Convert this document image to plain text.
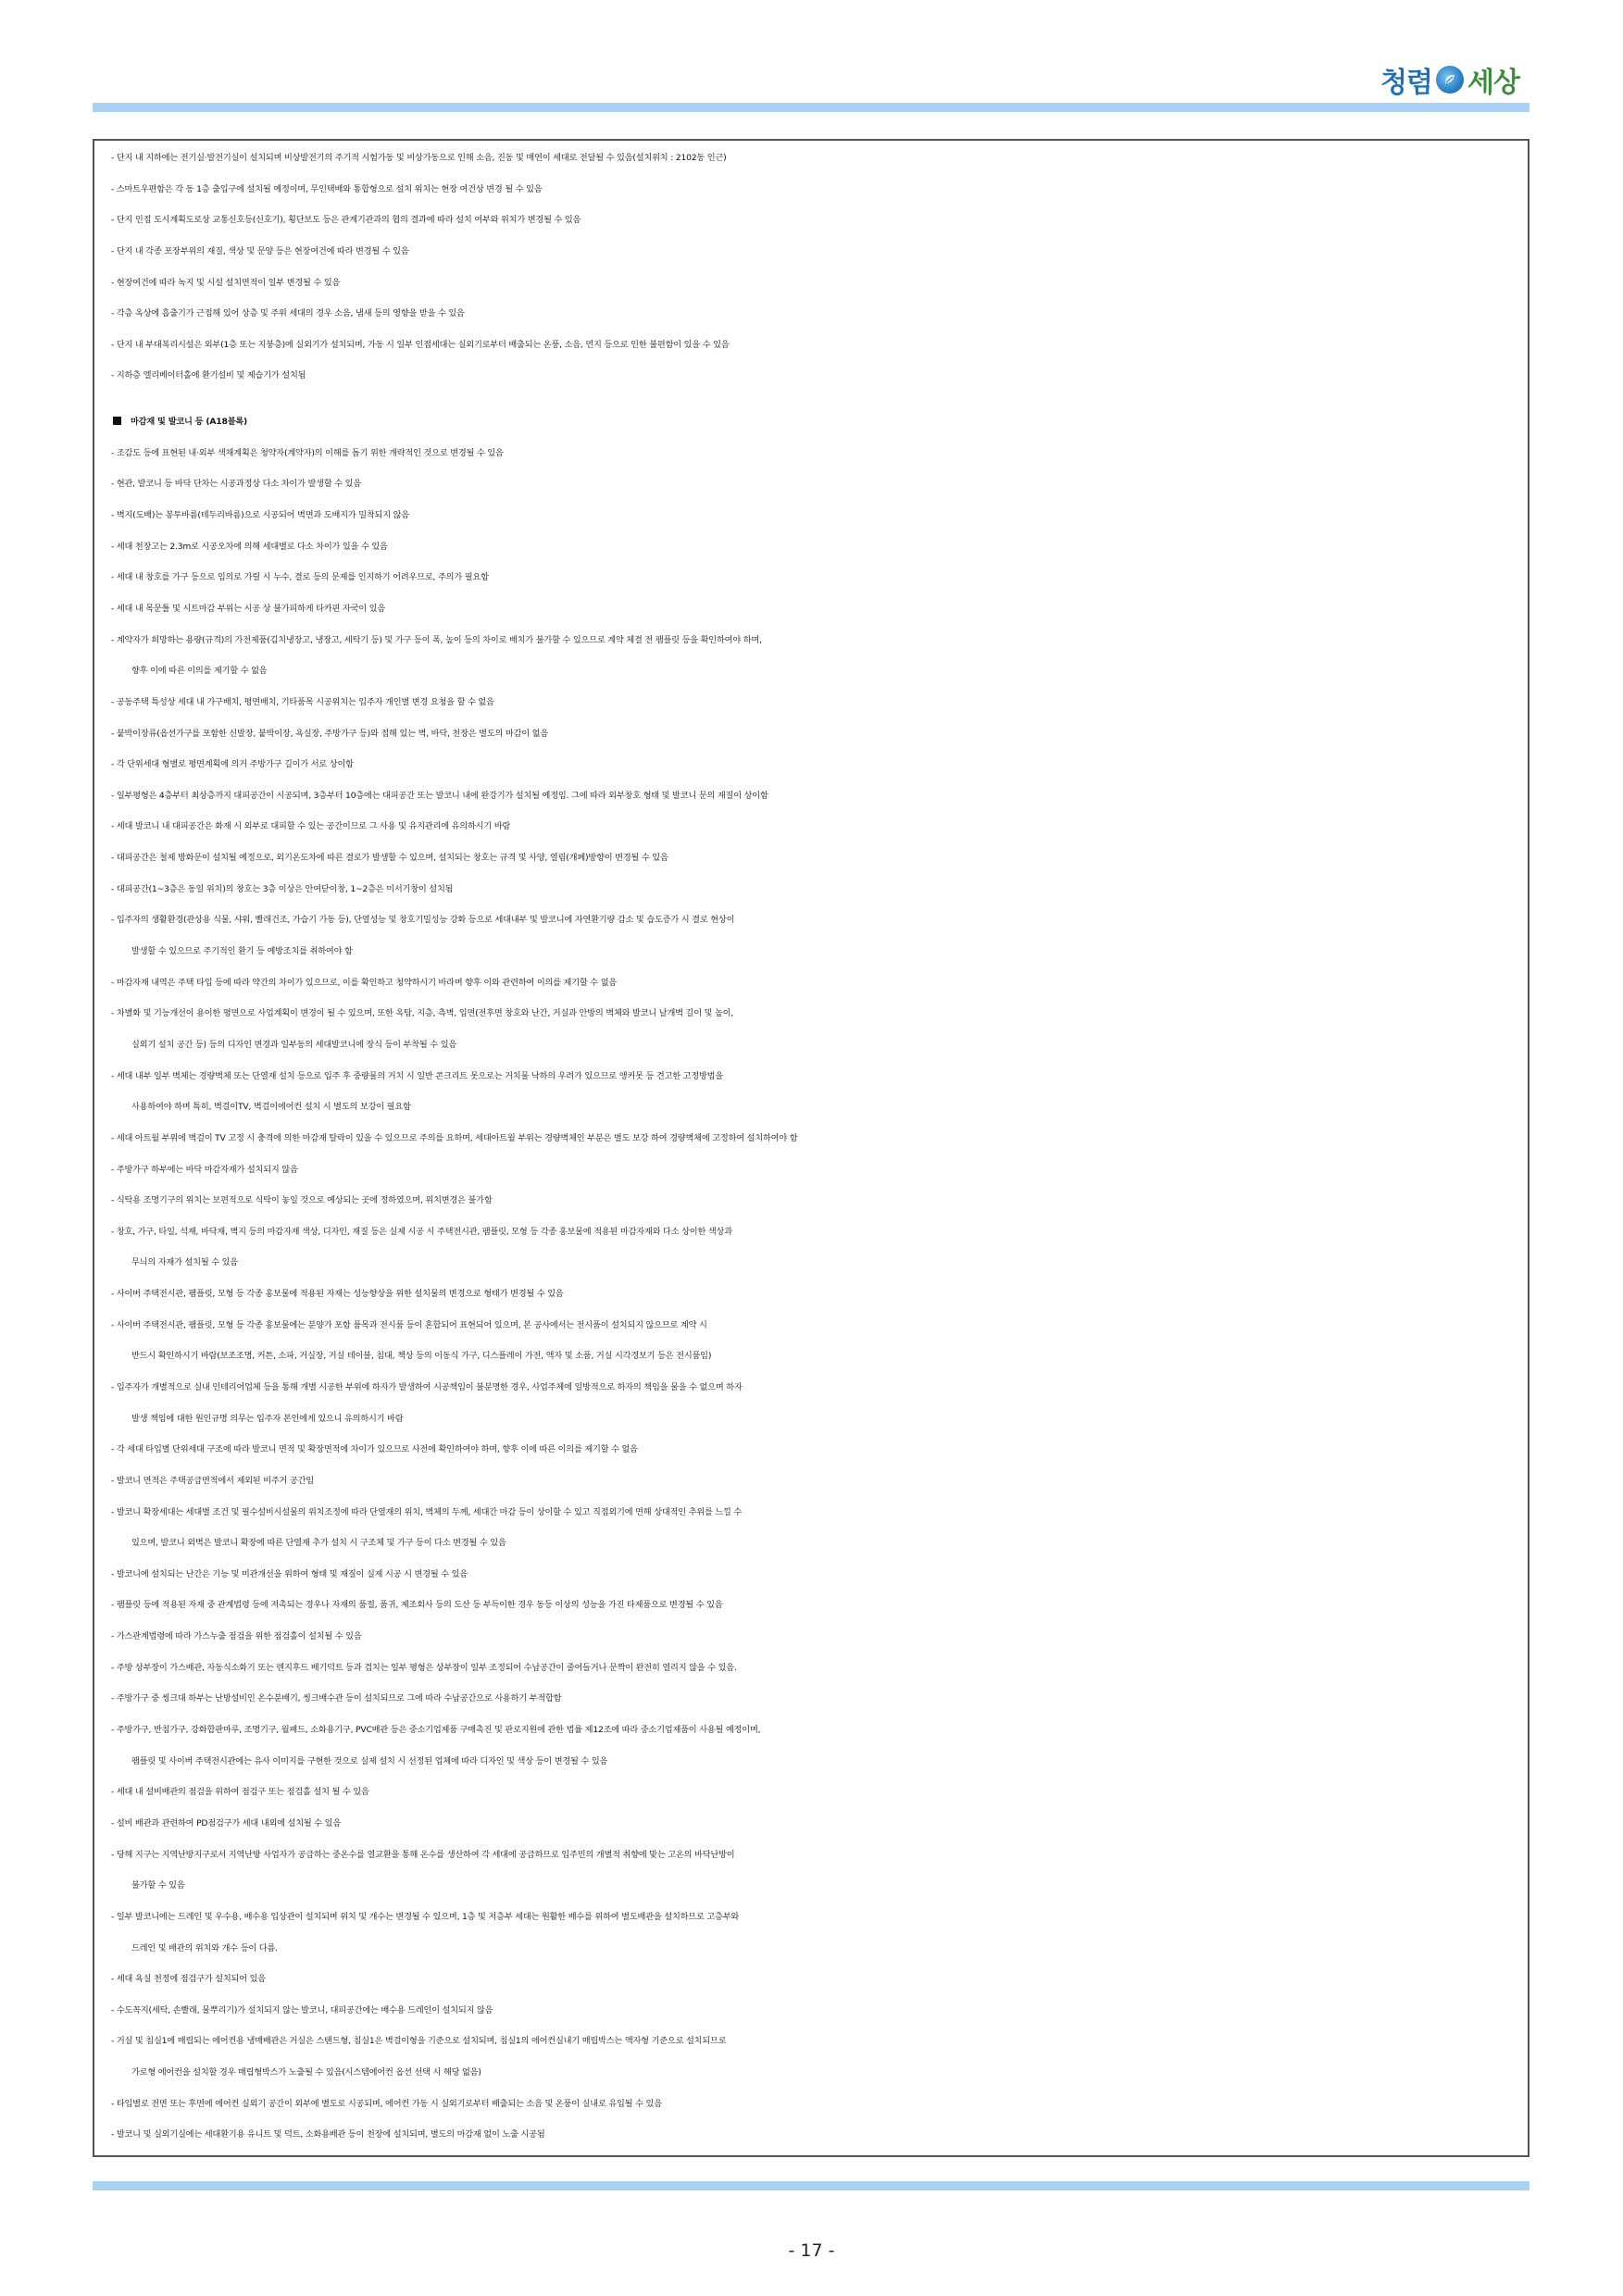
청렴 세상
- 단지 내 지하에는 전기실·발전기실이 설치되며 비상발전기의 주기적 시험가동 및 비상가동으로 인해 소음, 진동 및 매연이 세대로 전달될 수 있음(설치위치 : 2102동 인근)
- 스마트우편함은 각 동 1층 출입구에 설치될 예정이며, 무인택배와 통합형으로 설치 위치는 현장 여건상 변경 될 수 있음
- 단지 인접 도시계획도로상 교통신호등(신호기), 횡단보도 등은 관계기관과의 협의 결과에 따라 설치 여부와 위치가 변경될 수 있음
- 단지 내 각종 포장부위의 재질, 색상 및 문양 등은 현장여건에 따라 변경될 수 있음
- 현장여건에 따라 녹지 및 시설 설치면적이 일부 변경될 수 있음
- 각층 옥상에 흡출기가 근접해 있어 상층 및 주위 세대의 경우 소음, 냄새 등의 영향을 받을 수 있음
- 단지 내 부대복리시설은 외부(1층 또는 지붕층)에 실외기가 설치되며, 가동 시 일부 인접세대는 실외기로부터 배출되는 온풍, 소음, 먼지 등으로 인한 불편함이 있을 수 있음
- 지하층 엘리베이터홀에 환기설비 및 제습기가 설치됨
마감재 및 발코니 등 (A18블록)
- 조감도 등에 표현된 내·외부 색채계획은 청약자(계약자)의 이해를 돕기 위한 개략적인 것으로 변경될 수 있음
- 현관, 발코니 등 바닥 단차는 시공과정상 다소 차이가 발생할 수 있음
- 벽지(도배)는 봉투바름(테두리바름)으로 시공되어 벽면과 도배지가 밀착되지 않음
- 세대 천장고는 2.3m로 시공오차에 의해 세대별로 다소 차이가 있을 수 있음
- 세대 내 창호를 가구 등으로 임의로 가릴 시 누수, 결로 등의 문제를 인지하기 어려우므로, 주의가 필요함
- 세대 내 목문틀 및 시트마감 부위는 시공 상 불가피하게 타카핀 자국이 있음
- 계약자가 희망하는 용량(규격)의 가전제품(김치냉장고, 냉장고, 세탁기 등) 및 가구 등이 폭, 높이 등의 차이로 배치가 불가할 수 있으므로 계약 체결 전 팸플릿 등을 확인하여야 하며,
향후 이에 따른 이의를 제기할 수 없음
- 공동주택 특성상 세대 내 가구배치, 평면배치, 기타품목 시공위치는 입주자 개인별 변경 요청을 할 수 없음
- 붙박이장류(옵션가구를 포함한 신발장, 붙박이장, 욕실장, 주방가구 등)와 접해 있는 벽, 바닥, 천장은 별도의 마감이 없음
- 각 단위세대 형별로 평면계획에 의거 주방가구 길이가 서로 상이함
- 일부평형은 4층부터 최상층까지 대피공간이 시공되며, 3층부터 10층에는 대피공간 또는 발코니 내에 완강기가 설치될 예정임. 그에 따라 외부창호 형태 및 발코니 문의 재질이 상이함
- 세대 발코니 내 대피공간은 화재 시 외부로 대피할 수 있는 공간이므로 그 사용 및 유지관리에 유의하시기 바람
- 대피공간은 철제 방화문이 설치될 예정으로, 외기온도차에 따른 결로가 발생할 수 있으며, 설치되는 창호는 규격 및 사양, 열림(개폐)방향이 변경될 수 있음
- 대피공간(1~3층은 동일 위치)의 창호는 3층 이상은 안여닫이창, 1~2층은 미서기창이 설치됨
- 입주자의 생활환경(관상용 식물, 샤워, 빨래건조, 가습기 가동 등), 단열성능 및 창호기밀성능 강화 등으로 세대내부 및 발코니에 자연환기량 감소 및 습도증가 시 결로 현상이
발생할 수 있으므로 주기적인 환기 등 예방조치를 취하여야 함
- 마감자재 내역은 주택 타입 등에 따라 약간의 차이가 있으므로, 이를 확인하고 청약하시기 바라며 향후 이와 관련하여 이의를 제기할 수 없음
- 차별화 및 기능개선이 용이한 평면으로 사업계획이 변경이 될 수 있으며, 또한 옥탑, 지층, 측벽, 입면(전후면 창호와 난간, 거실과 안방의 벽체와 발코니 날개벽 길이 및 높이,
실외기 설치 공간 등) 등의 디자인 변경과 일부동의 세대발코니에 장식 등이 부착될 수 있음
- 세대 내부 일부 벽체는 경량벽체 또는 단열재 설치 등으로 입주 후 중량물의 거치 시 일반 콘크리트 못으로는 거치물 낙하의 우려가 있으므로 앵커못 등 견고한 고정방법을
사용하여야 하며 특히, 벽걸이TV, 벽걸이에어컨 설치 시 별도의 보강이 필요함
- 세대 아트월 부위에 벽걸이 TV 고정 시 충격에 의한 마감재 탈락이 있을 수 있으므로 주의를 요하며, 세대아트월 부위는 경량벽체인 부분은 별도 보강 하여 경량벽체에 고정하여 설치하여야 함
- 주방가구 하부에는 바닥 마감자재가 설치되지 않음
- 식탁용 조명기구의 위치는 보편적으로 식탁이 놓일 것으로 예상되는 곳에 정하였으며, 위치변경은 불가함
- 창호, 가구, 타일, 석재, 바닥재, 벽지 등의 마감자재 색상, 디자인, 재질 등은 실제 시공 시 주택전시관, 팸플릿, 모형 등 각종 홍보물에 적용된 마감자재와 다소 상이한 색상과
무늬의 자재가 설치될 수 있음
- 사이버 주택전시관, 팸플릿, 모형 등 각종 홍보물에 적용된 자재는 성능향상을 위한 설치물의 변경으로 형태가 변경될 수 있음
- 사이버 주택전시관, 팸플릿, 모형 등 각종 홍보물에는 분양가 포함 품목과 전시품 등이 혼합되어 표현되어 있으며, 본 공사에서는 전시품이 설치되지 않으므로 계약 시
반드시 확인하시기 바람(보조조명, 커튼, 소파, 거실장, 거실 테이블, 침대, 책상 등의 이동식 가구, 디스플레이 가전, 액자 및 소품, 거실 시각경보기 등은 전시품임)
- 입주자가 개별적으로 실내 인테리어업체 등을 통해 개별 시공한 부위에 하자가 발생하여 시공책임이 불분명한 경우, 사업주체에 일방적으로 하자의 책임을 물을 수 없으며 하자
발생 책임에 대한 원인규명 의무는 입주자 본인에게 있으니 유의하시기 바람
- 각 세대 타입별 단위세대 구조에 따라 발코니 면적 및 확장면적에 차이가 있으므로 사전에 확인하여야 하며, 향후 이에 따른 이의를 제기할 수 없음
- 발코니 면적은 주택공급면적에서 제외된 비주거 공간임
- 발코니 확장세대는 세대별 조건 및 필수설비시설물의 위치조정에 따라 단열재의 위치, 벽체의 두께, 세대간 마감 등이 상이할 수 있고 직접외기에 면해 상대적인 추위를 느낄 수
있으며, 발코니 외벽은 발코니 확장에 따른 단열재 추가 설치 시 구조체 및 가구 등이 다소 변경될 수 있음
- 발코니에 설치되는 난간은 기능 및 미관개선을 위하여 형태 및 재질이 실제 시공 시 변경될 수 있음
- 팸플릿 등에 적용된 자재 중 관계법령 등에 저촉되는 경우나 자재의 품절, 품귀, 제조회사 등의 도산 등 부득이한 경우 동등 이상의 성능을 가진 타제품으로 변경될 수 있음
- 가스관계법령에 따라 가스누출 점검을 위한 점검홀이 설치될 수 있음
- 주방 상부장이 가스배관, 자동식소화기 또는 렌지후드 배기덕트 등과 겹치는 일부 평형은 상부장이 일부 조정되어 수납공간이 줄어들거나 문짝이 완전히 열리지 않을 수 있음.
- 주방가구 중 씽크대 하부는 난방설비인 온수분배기, 씽크배수관 등이 설치되므로 그에 따라 수납공간으로 사용하기 부적합함
- 주방가구, 반침가구, 강화합판마루, 조명기구, 월패드, 소화용기구, PVC배관 등은 중소기업제품 구매촉진 및 판로지원에 관한 법률 제12조에 따라 중소기업제품이 사용될 예정이며,
팸플릿 및 사이버 주택전시관에는 유사 이미지를 구현한 것으로 실제 설치 시 선정된 업체에 따라 디자인 및 색상 등이 변경될 수 있음
- 세대 내 설비배관의 점검을 위하여 점검구 또는 점검홀 설치 될 수 있음
- 설비 배관과 관련하여 PD점검구가 세대 내외에 설치될 수 있음
- 당해 지구는 지역난방지구로서 지역난방 사업자가 공급하는 중온수를 열교환을 통해 온수를 생산하여 각 세대에 공급하므로 입주민의 개별적 취향에 맞는 고온의 바닥난방이
불가할 수 있음
- 일부 발코니에는 드레인 및 우수용, 배수용 입상관이 설치되며 위치 및 개수는 변경될 수 있으며, 1층 및 저층부 세대는 원활한 배수를 위하여 별도배관을 설치하므로 고층부와
드레인 및 배관의 위치와 개수 등이 다름.
- 세대 욕실 천정에 점검구가 설치되어 있음
- 수도꼭지(세탁, 손빨래, 물뿌리기)가 설치되지 않는 발코니, 대피공간에는 배수용 드레인이 설치되지 않음
- 거실 및 침실1에 매립되는 에어컨용 냉매배관은 거실은 스탠드형, 침실1은 벽걸이형을 기준으로 설치되며, 침실1의 에어컨실내기 매립박스는 액자형 기준으로 설치되므로
가로형 에어컨을 설치할 경우 매립형박스가 노출될 수 있음(시스템에어컨 옵션 선택 시 해당 없음)
- 타입별로 전면 또는 후면에 에어컨 실외기 공간이 외부에 별도로 시공되며, 에어컨 가동 시 실외기로부터 배출되는 소음 및 온풍이 실내로 유입될 수 있음
- 발코니 및 실외기실에는 세대환기용 유니트 및 덕트, 소화용배관 등이 천장에 설치되며, 별도의 마감재 없이 노출 시공됨
- 17 -
